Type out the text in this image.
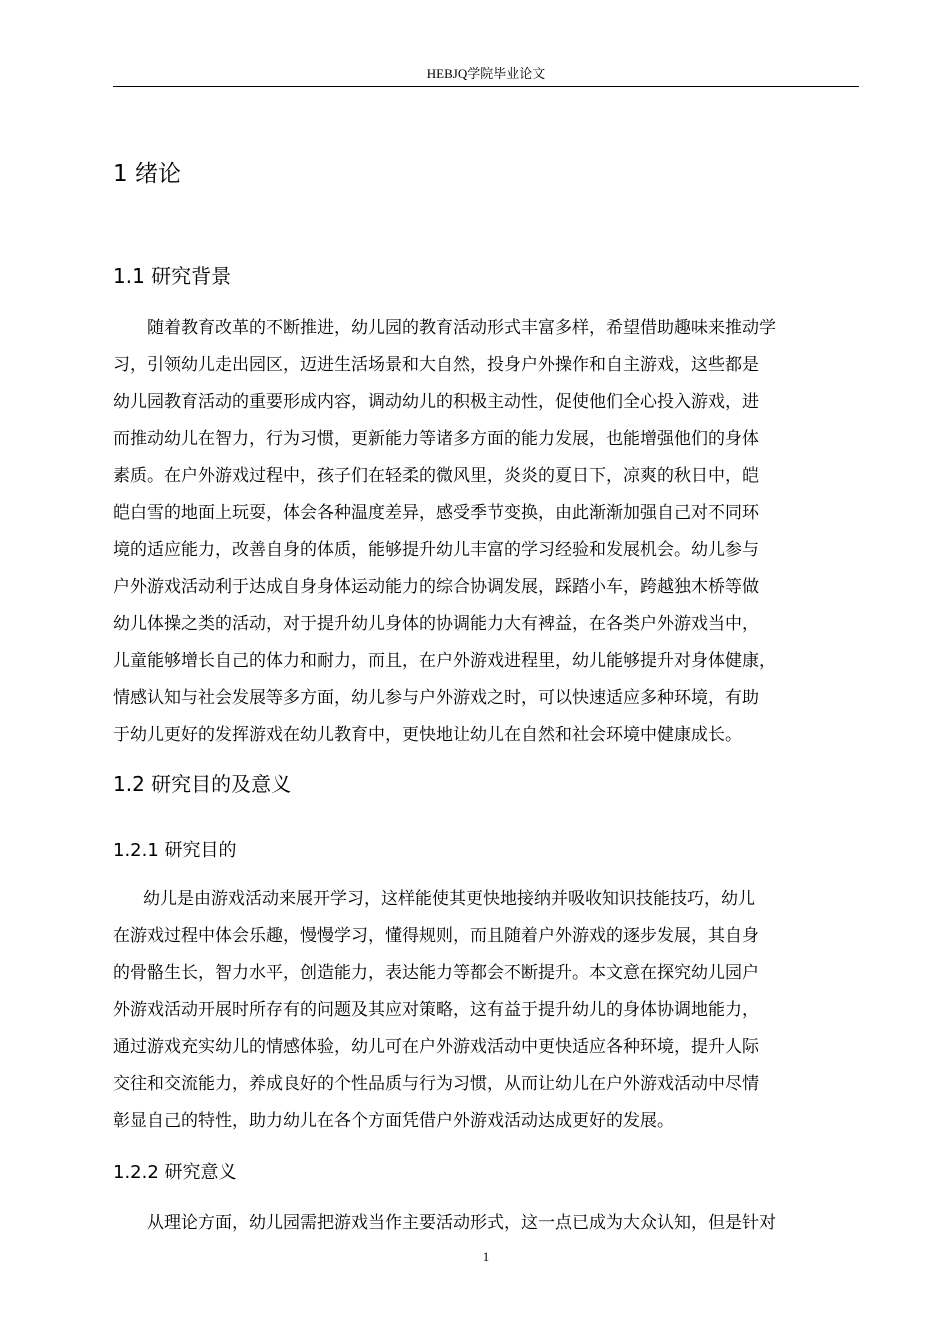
HEBJQ学院毕业论文
1 绪论
1.1 研究背景
随着教育改革的不断推进，幼儿园的教育活动形式丰富多样，希望借助趣味来推动学
习，引领幼儿走出园区，迈进生活场景和大自然，投身户外操作和自主游戏，这些都是
幼儿园教育活动的重要形成内容，调动幼儿的积极主动性，促使他们全心投入游戏，进
而推动幼儿在智力，行为习惯，更新能力等诸多方面的能力发展，也能增强他们的身体
素质。在户外游戏过程中，孩子们在轻柔的微风里，炎炎的夏日下，凉爽的秋日中，皑
皑白雪的地面上玩耍，体会各种温度差异，感受季节变换，由此渐渐加强自己对不同环
境的适应能力，改善自身的体质，能够提升幼儿丰富的学习经验和发展机会。幼儿参与
户外游戏活动利于达成自身身体运动能力的综合协调发展，踩踏小车，跨越独木桥等做
幼儿体操之类的活动，对于提升幼儿身体的协调能力大有裨益，在各类户外游戏当中，
儿童能够增长自己的体力和耐力，而且，在户外游戏进程里，幼儿能够提升对身体健康，
情感认知与社会发展等多方面，幼儿参与户外游戏之时，可以快速适应多种环境，有助
于幼儿更好的发挥游戏在幼儿教育中，更快地让幼儿在自然和社会环境中健康成长。
1.2 研究目的及意义
1.2.1 研究目的
幼儿是由游戏活动来展开学习，这样能使其更快地接纳并吸收知识技能技巧，幼儿
在游戏过程中体会乐趣，慢慢学习，懂得规则，而且随着户外游戏的逐步发展，其自身
的骨骼生长，智力水平，创造能力，表达能力等都会不断提升。本文意在探究幼儿园户
外游戏活动开展时所存有的问题及其应对策略，这有益于提升幼儿的身体协调地能力，
通过游戏充实幼儿的情感体验，幼儿可在户外游戏活动中更快适应各种环境，提升人际
交往和交流能力，养成良好的个性品质与行为习惯，从而让幼儿在户外游戏活动中尽情
彰显自己的特性，助力幼儿在各个方面凭借户外游戏活动达成更好的发展。
1.2.2 研究意义
从理论方面，幼儿园需把游戏当作主要活动形式，这一点已成为大众认知，但是针对
1
